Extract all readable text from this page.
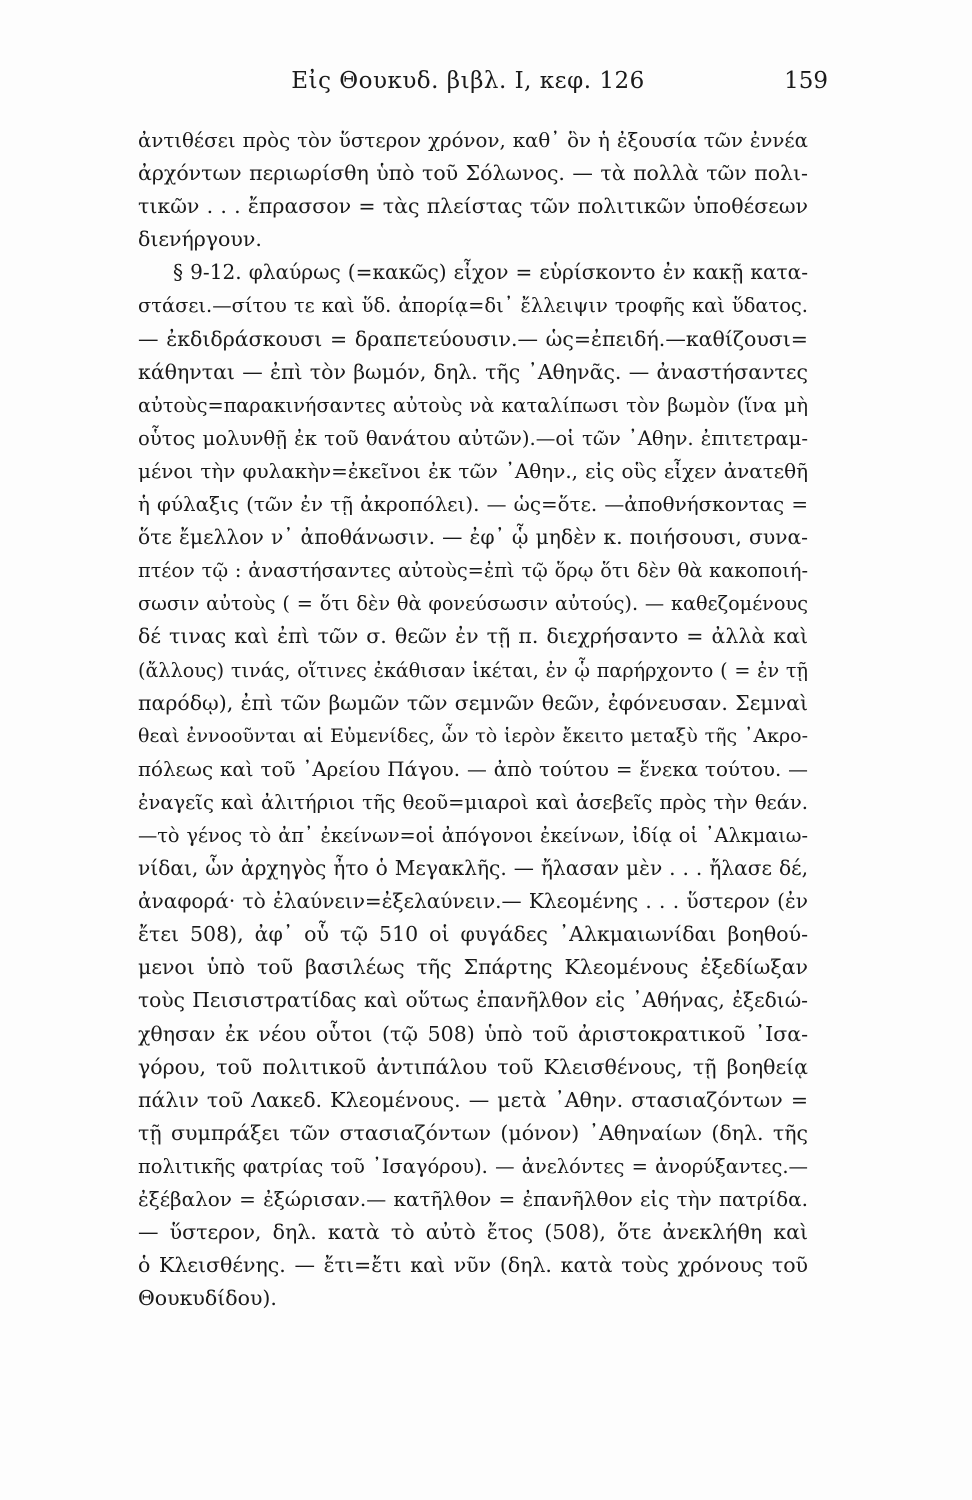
Εἰς Θουκυδ. βιβλ. Ι, κεφ. 126	159
ἀντιθέσει πρὸς τὸν ὕστερον χρόνον, καθ᾽ ὃν ἡ ἐξουσία τῶν ἐννέα
ἀρχόντων περιωρίσθη ὑπὸ τοῦ Σόλωνος. — τὰ πολλὰ τῶν πολι-
τικῶν . . . ἔπρασσον = τὰς πλείστας τῶν πολιτικῶν ὑποθέσεων
διενήργουν.
§ 9-12. φλαύρως (=κακῶς) εἶχον = εὑρίσκοντο ἐν κακῇ κατα-
στάσει.—σίτου τε καὶ ὕδ. ἀπορίᾳ=δι᾽ ἔλλειψιν τροφῆς καὶ ὕδατος.
— ἐκδιδράσκουσι = δραπετεύουσιν.— ὡς=ἐπειδή.—καθίζουσι=
κάθηνται — ἐπὶ τὸν βωμόν, δηλ. τῆς ᾿Αθηνᾶς. — ἀναστήσαντες
αὐτοὺς=παρακινήσαντες αὐτοὺς νὰ καταλίπωσι τὸν βωμὸν (ἵνα μὴ
οὗτος μολυνθῇ ἐκ τοῦ θανάτου αὐτῶν).—οἱ τῶν ᾿Αθην. ἐπιτετραμ-
μένοι τὴν φυλακὴν=ἐκεῖνοι ἐκ τῶν ᾿Αθην., εἰς οὓς εἶχεν ἀνατεθῆ
ἡ φύλαξις (τῶν ἐν τῇ ἀκροπόλει). — ὡς=ὅτε. —ἀποθνήσκοντας =
ὅτε ἔμελλον ν᾽ ἀποθάνωσιν. — ἐφ᾽ ᾧ μηδὲν κ. ποιήσουσι, συνα-
πτέον τῷ : ἀναστήσαντες αὐτοὺς=ἐπὶ τῷ ὅρῳ ὅτι δὲν θὰ κακοποιή-
σωσιν αὐτοὺς ( = ὅτι δὲν θὰ φονεύσωσιν αὐτούς). — καθεζομένους
δέ τινας καὶ ἐπὶ τῶν σ. θεῶν ἐν τῇ π. διεχρήσαντο = ἀλλὰ καὶ
(ἄλλους) τινάς, οἵτινες ἐκάθισαν ἱκέται, ἐν ᾧ παρήρχοντο ( = ἐν τῇ
παρόδῳ), ἐπὶ τῶν βωμῶν τῶν σεμνῶν θεῶν, ἐφόνευσαν. Σεμναὶ
θεαὶ ἐννοοῦνται αἱ Εὐμενίδες, ὧν τὸ ἱερὸν ἔκειτο μεταξὺ τῆς ᾿Ακρο-
πόλεως καὶ τοῦ ᾿Αρείου Πάγου. — ἀπὸ τούτου = ἕνεκα τούτου. —
ἐναγεῖς καὶ ἀλιτήριοι τῆς θεοῦ=μιαροὶ καὶ ἀσεβεῖς πρὸς τὴν θεάν.
—τὸ γένος τὸ ἀπ᾽ ἐκείνων=οἱ ἀπόγονοι ἐκείνων, ἰδίᾳ οἱ ᾿Αλκμαιω-
νίδαι, ὧν ἀρχηγὸς ἦτο ὁ Μεγακλῆς. — ἤλασαν μὲν . . . ἤλασε δέ,
ἀναφορά· τὸ ἐλαύνειν=ἐξελαύνειν.— Κλεομένης . . . ὕστερον (ἐν
ἔτει 508), ἀφ᾽ οὗ τῷ 510 οἱ φυγάδες ᾿Αλκμαιωνίδαι βοηθού-
μενοι ὑπὸ τοῦ βασιλέως τῆς Σπάρτης Κλεομένους ἐξεδίωξαν
τοὺς Πεισιστρατίδας καὶ οὕτως ἐπανῆλθον εἰς ᾿Αθήνας, ἐξεδιώ-
χθησαν ἐκ νέου οὗτοι (τῷ 508) ὑπὸ τοῦ ἀριστοκρατικοῦ ᾿Ισα-
γόρου, τοῦ πολιτικοῦ ἀντιπάλου τοῦ Κλεισθένους, τῇ βοηθείᾳ
πάλιν τοῦ Λακεδ. Κλεομένους. — μετὰ ᾿Αθην. στασιαζόντων =
τῇ συμπράξει τῶν στασιαζόντων (μόνον) ᾿Αθηναίων (δηλ. τῆς
πολιτικῆς φατρίας τοῦ ᾿Ισαγόρου). — ἀνελόντες = ἀνορύξαντες.—
ἐξέβαλον = ἐξώρισαν.— κατῆλθον = ἐπανῆλθον εἰς τὴν πατρίδα.
— ὕστερον, δηλ. κατὰ τὸ αὐτὸ ἔτος (508), ὅτε ἀνεκλήθη καὶ
ὁ Κλεισθένης. — ἔτι=ἔτι καὶ νῦν (δηλ. κατὰ τοὺς χρόνους τοῦ
Θουκυδίδου).
